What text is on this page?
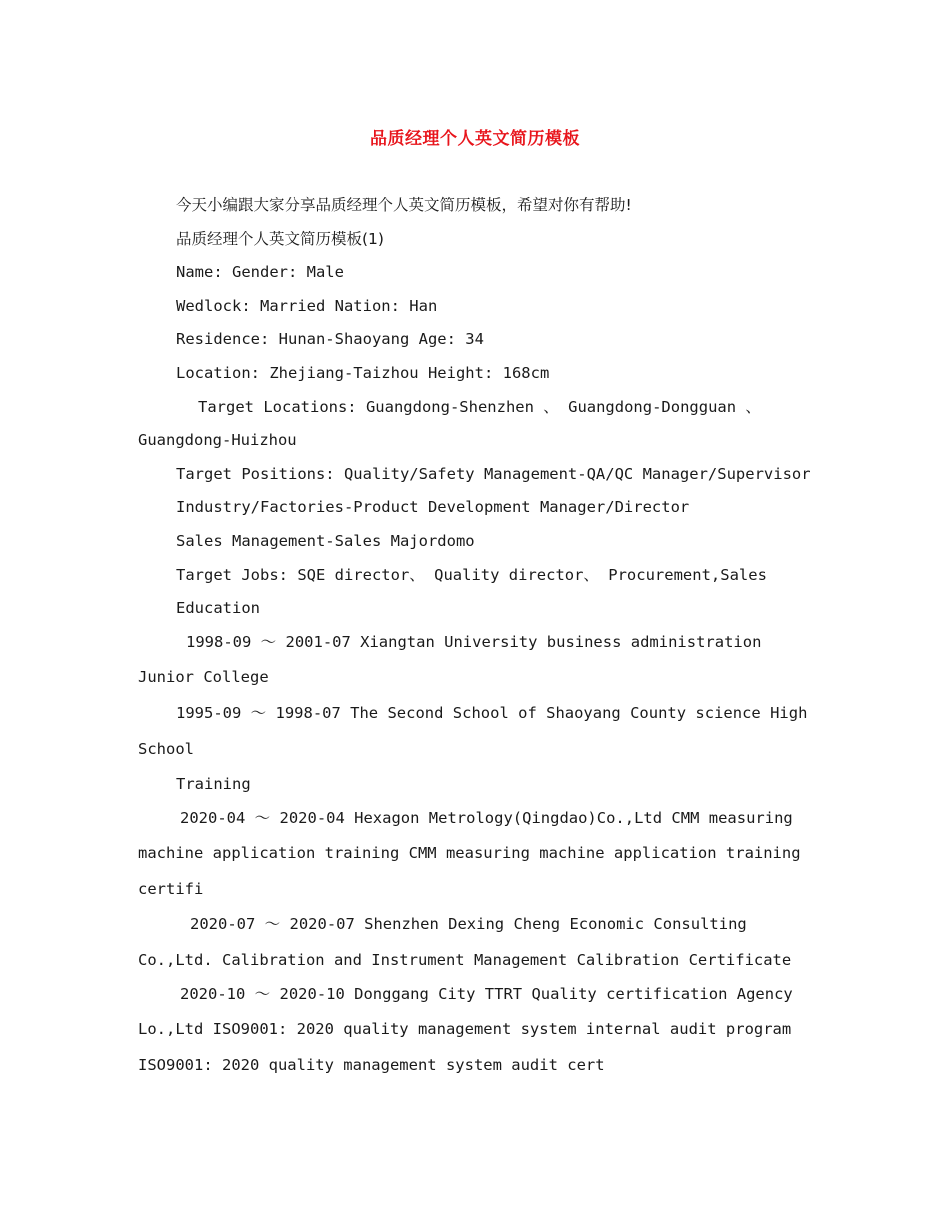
品质经理个人英文简历模板
今天小编跟大家分享品质经理个人英文简历模板，希望对你有帮助!
品质经理个人英文简历模板(1)
Name: Gender: Male
Wedlock: Married Nation: Han
Residence: Hunan-Shaoyang Age: 34
Location: Zhejiang-Taizhou Height: 168cm
Target Locations: Guangdong-Shenzhen 、 Guangdong-Dongguan 、
Guangdong-Huizhou
Target Positions: Quality/Safety Management-QA/QC Manager/Supervisor
Industry/Factories-Product Development Manager/Director
Sales Management-Sales Majordomo
Target Jobs: SQE director、 Quality director、 Procurement,Sales
Education
1998-09 ～ 2001-07 Xiangtan University business administration
Junior College
1995-09 ～ 1998-07 The Second School of Shaoyang County science High
School
Training
2020-04 ～ 2020-04 Hexagon Metrology(Qingdao)Co.,Ltd CMM measuring
machine application training CMM measuring machine application training
certifi
2020-07 ～ 2020-07 Shenzhen Dexing Cheng Economic Consulting
Co.,Ltd. Calibration and Instrument Management Calibration Certificate
2020-10 ～ 2020-10 Donggang City TTRT Quality certification Agency
Lo.,Ltd ISO9001: 2020 quality management system internal audit program
ISO9001: 2020 quality management system audit cert
